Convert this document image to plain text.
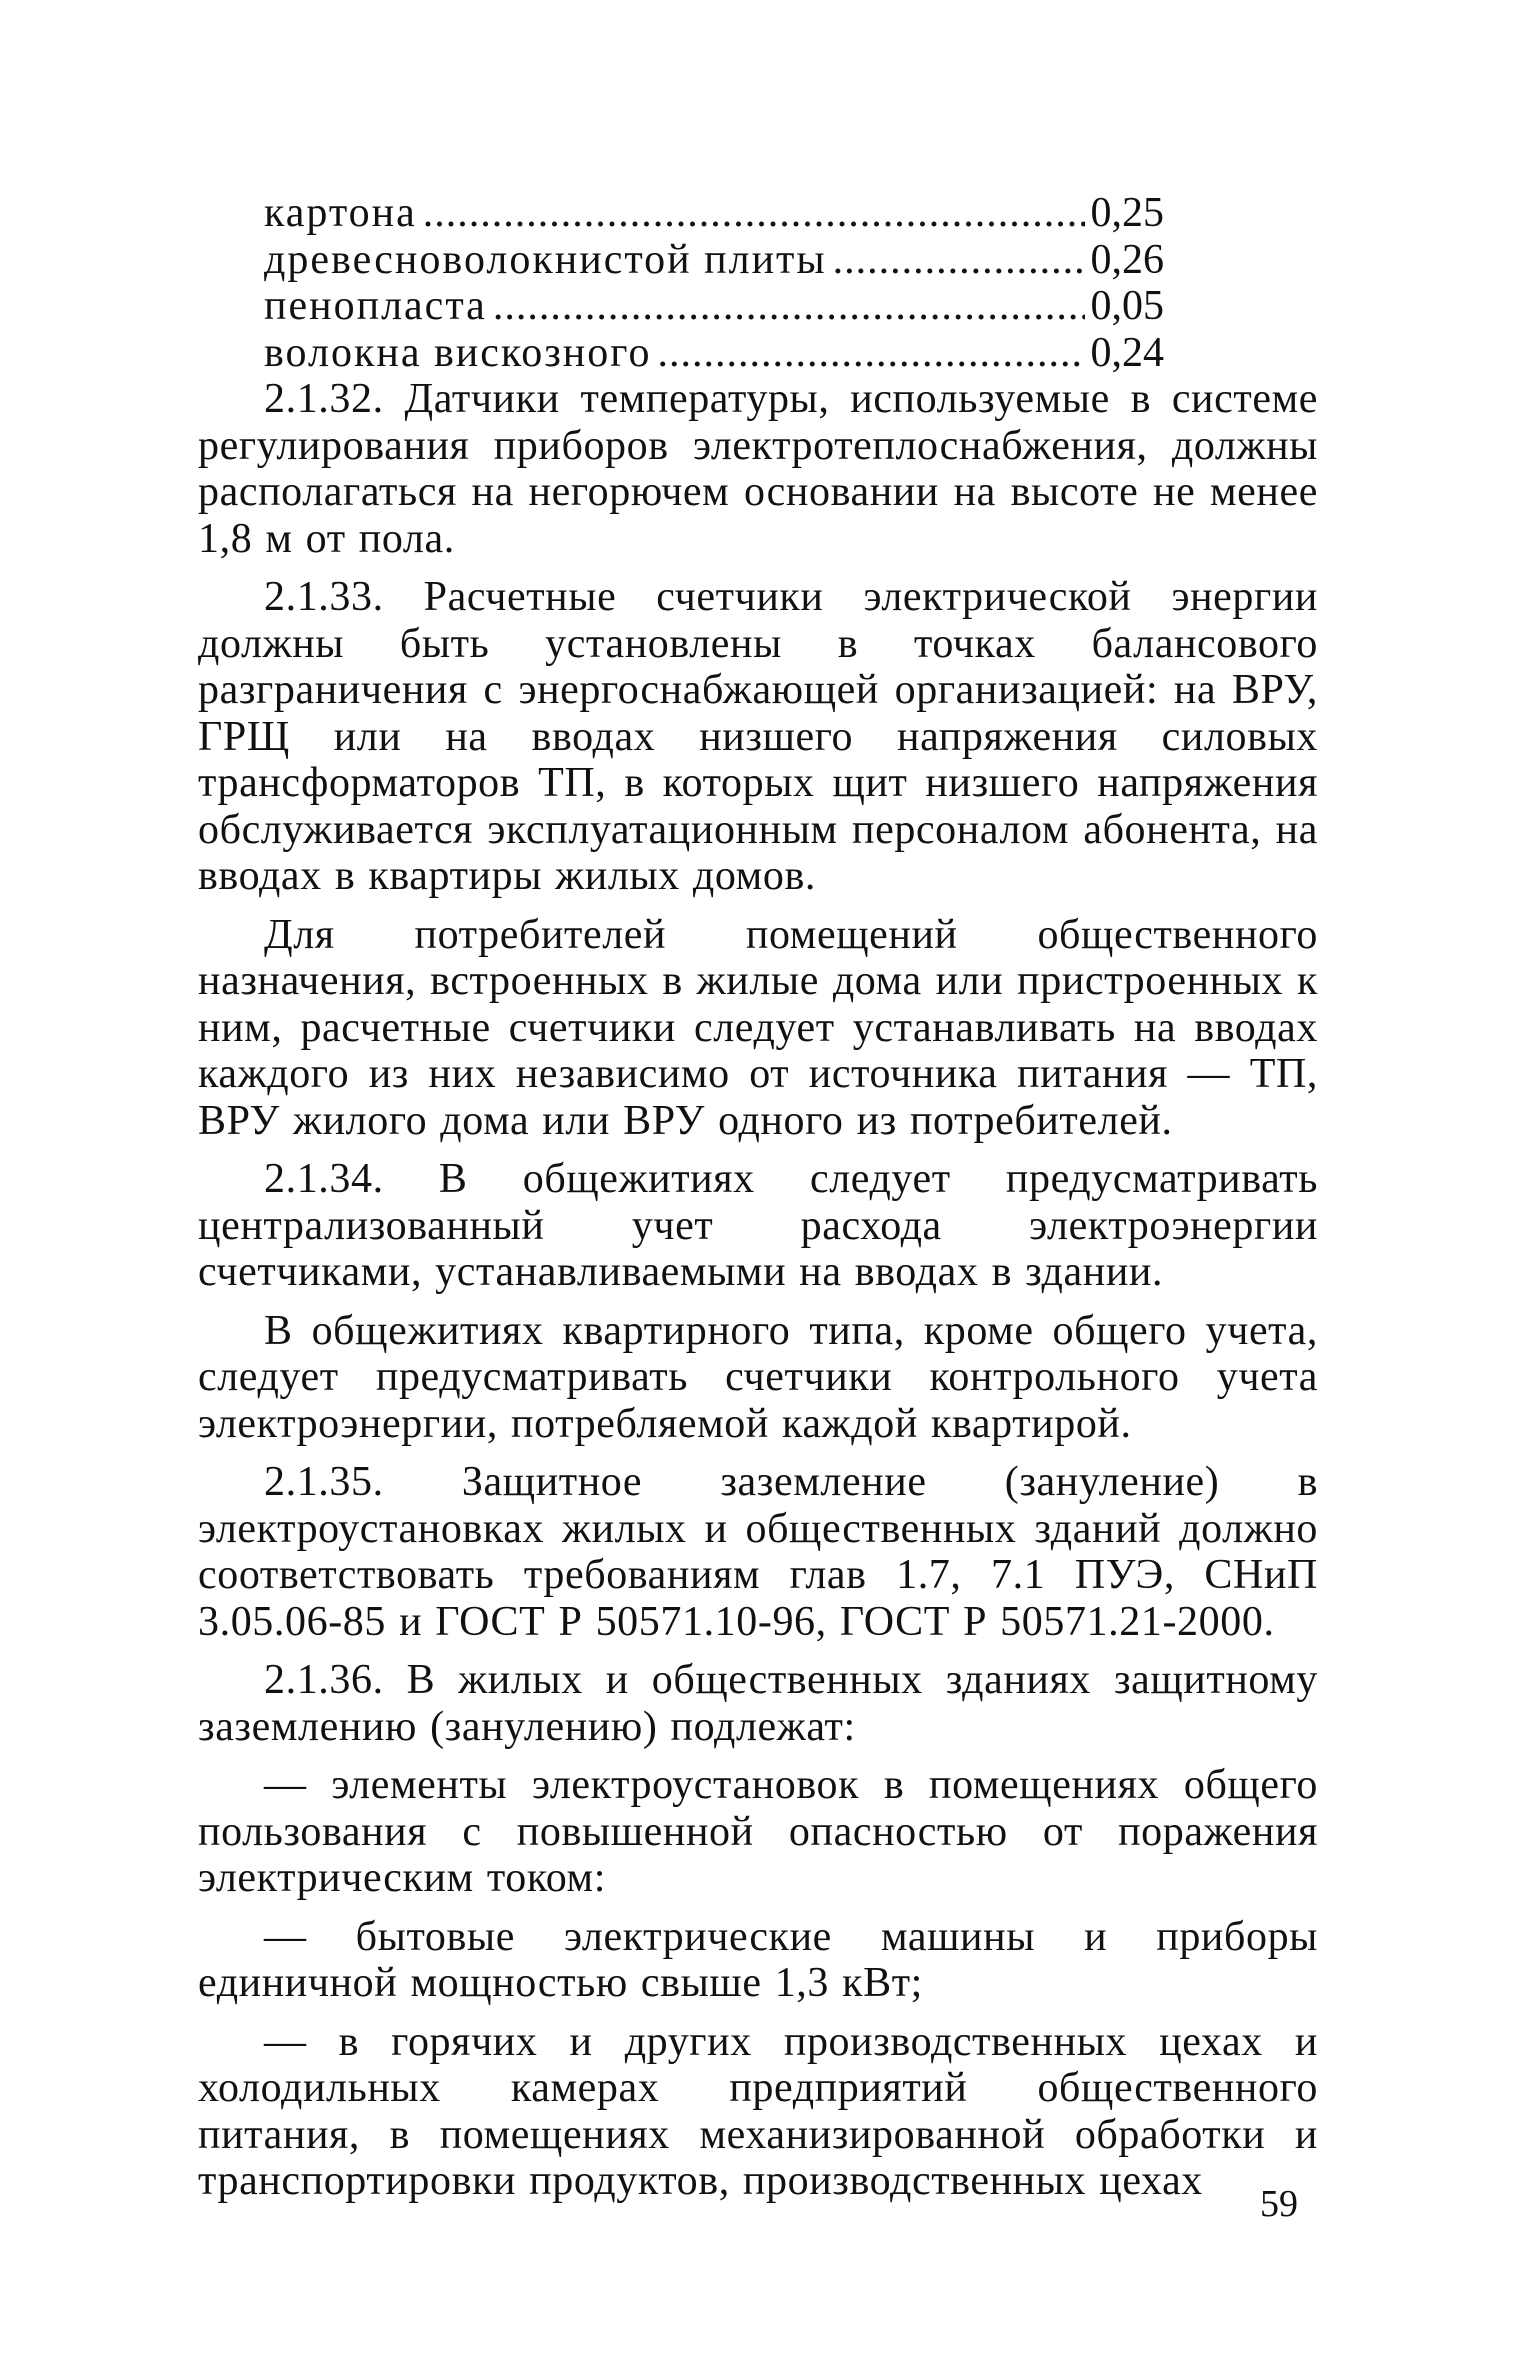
картона .....	0,25
древесноволокнистой плиты .....	0,26
пенопласта .....	0,05
волокна вискозного .....	0,24

2.1.32. Датчики температуры, используемые в системе регулирования приборов электротеплоснабжения, должны располагаться на негорючем основании на высоте не менее 1,8 м от пола.

2.1.33. Расчетные счетчики электрической энергии должны быть установлены в точках балансового разграничения с энергоснабжающей организацией: на ВРУ, ГРЩ или на вводах низшего напряжения силовых трансформаторов ТП, в которых щит низшего напряжения обслуживается эксплуатационным персоналом абонента, на вводах в квартиры жилых домов.

Для потребителей помещений общественного назначения, встроенных в жилые дома или пристроенных к ним, расчетные счетчики следует устанавливать на вводах каждого из них независимо от источника питания — ТП, ВРУ жилого дома или ВРУ одного из потребителей.

2.1.34. В общежитиях следует предусматривать централизованный учет расхода электроэнергии счетчиками, устанавливаемыми на вводах в здании.

В общежитиях квартирного типа, кроме общего учета, следует предусматривать счетчики контрольного учета электроэнергии, потребляемой каждой квартирой.

2.1.35. Защитное заземление (зануление) в электроустановках жилых и общественных зданий должно соответствовать требованиям глав 1.7, 7.1 ПУЭ, СНиП 3.05.06-85 и ГОСТ Р 50571.10-96, ГОСТ Р 50571.21-2000.

2.1.36. В жилых и общественных зданиях защитному заземлению (занулению) подлежат:

— элементы электроустановок в помещениях общего пользования с повышенной опасностью от поражения электрическим током:

— бытовые электрические машины и приборы единичной мощностью свыше 1,3 кВт;

— в горячих и других производственных цехах и холодильных камерах предприятий общественного питания, в помещениях механизированной обработки и транспортировки продуктов, производственных цехах	59
